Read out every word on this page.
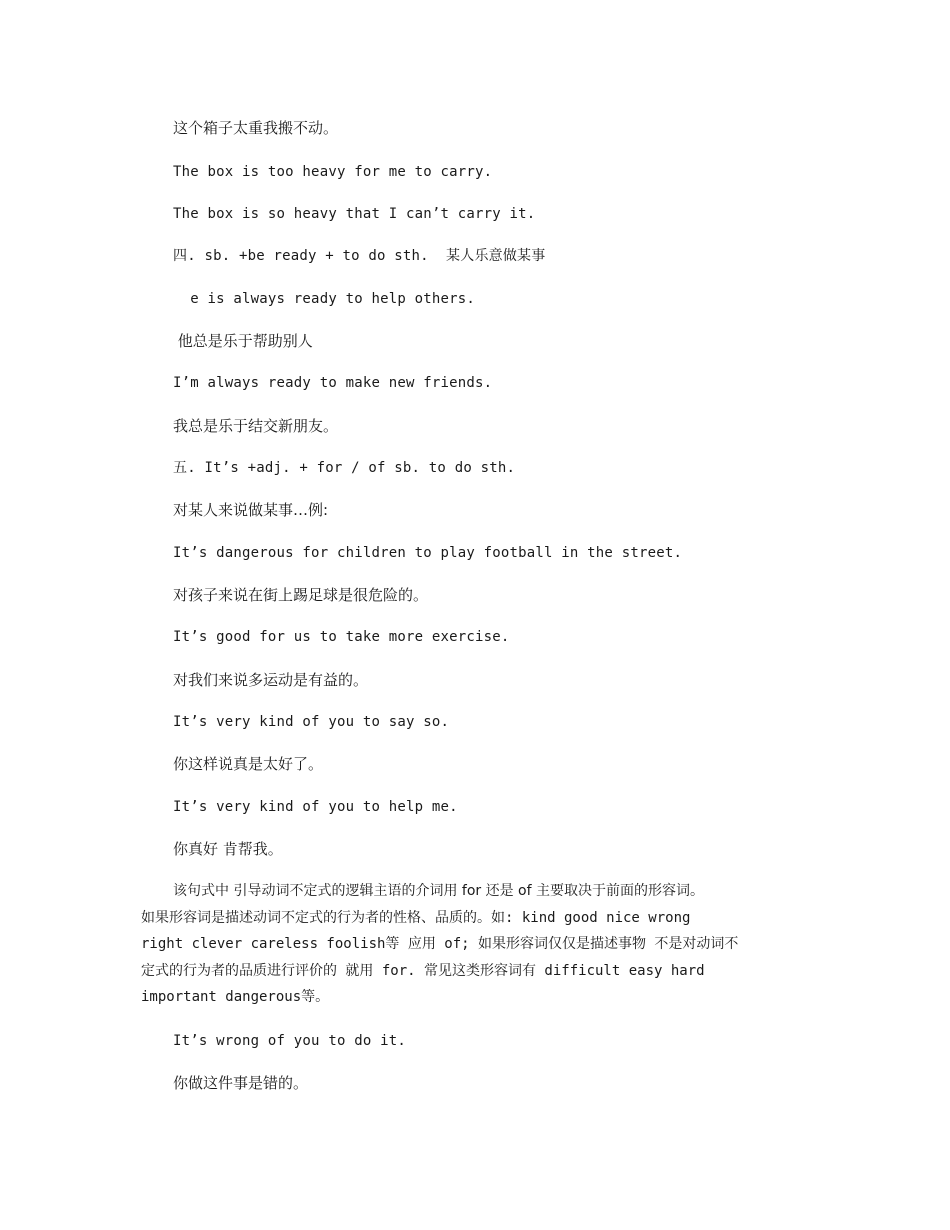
这个箱子太重我搬不动。
The box is too heavy for me to carry.
The box is so heavy that I can’t carry it.
四. sb. +be ready + to do sth.  某人乐意做某事
e is always ready to help others.
他总是乐于帮助别人
I’m always ready to make new friends.
我总是乐于结交新朋友。
五. It’s +adj. + for / of sb. to do sth.
对某人来说做某事…例:
It’s dangerous for children to play football in the street.
对孩子来说在街上踢足球是很危险的。
It’s good for us to take more exercise.
对我们来说多运动是有益的。
It’s very kind of you to say so.
你这样说真是太好了。
It’s very kind of you to help me.
你真好 肯帮我。
该句式中 引导动词不定式的逻辑主语的介词用 for 还是 of 主要取决于前面的形容词。
如果形容词是描述动词不定式的行为者的性格、品质的。如: kind good nice wrong
right clever careless foolish等 应用 of; 如果形容词仅仅是描述事物 不是对动词不
定式的行为者的品质进行评价的 就用 for. 常见这类形容词有 difficult easy hard
important dangerous等。
It’s wrong of you to do it.
你做这件事是错的。
